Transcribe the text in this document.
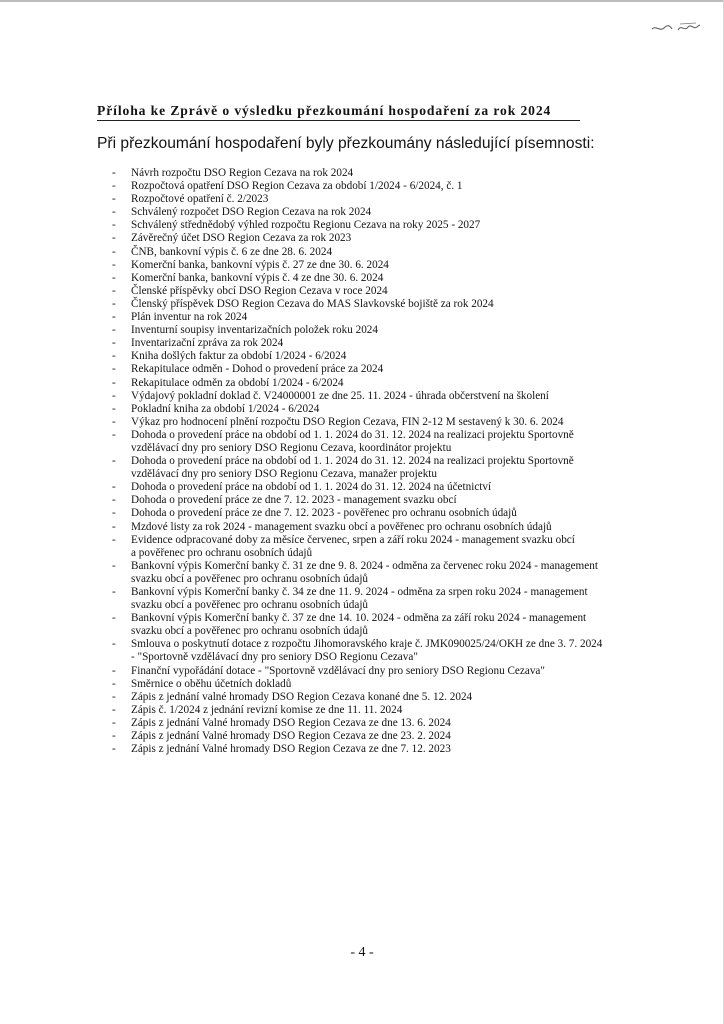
Příloha ke Zprávě o výsledku přezkoumání hospodaření za rok 2024

Při přezkoumání hospodaření byly přezkoumány následující písemnosti:

- Návrh rozpočtu DSO Region Cezava na rok 2024
- Rozpočtová opatření DSO Region Cezava za období 1/2024 - 6/2024, č. 1
- Rozpočtové opatření č. 2/2023
- Schválený rozpočet DSO Region Cezava na rok 2024
- Schválený střednědobý výhled rozpočtu Regionu Cezava na roky 2025 - 2027
- Závěrečný účet DSO Region Cezava za rok 2023
- ČNB, bankovní výpis č. 6 ze dne 28. 6. 2024
- Komerční banka, bankovní výpis č. 27 ze dne 30. 6. 2024
- Komerční banka, bankovní výpis č. 4 ze dne 30. 6. 2024
- Členské příspěvky obcí DSO Region Cezava v roce 2024
- Členský příspěvek DSO Region Cezava do MAS Slavkovské bojiště za rok 2024
- Plán inventur na rok 2024
- Inventurní soupisy inventarizačních položek roku 2024
- Inventarizační zpráva za rok 2024
- Kniha došlých faktur za období 1/2024 - 6/2024
- Rekapitulace odměn - Dohod o provedení práce za 2024
- Rekapitulace odměn za období 1/2024 - 6/2024
- Výdajový pokladní doklad č. V24000001 ze dne 25. 11. 2024 - úhrada občerstvení na školení
- Pokladní kniha za období 1/2024 - 6/2024
- Výkaz pro hodnocení plnění rozpočtu DSO Region Cezava, FIN 2-12 M sestavený k 30. 6. 2024
- Dohoda o provedení práce na období od 1. 1. 2024 do 31. 12. 2024 na realizaci projektu Sportovně
vzdělávací dny pro seniory DSO Regionu Cezava, koordinátor projektu
- Dohoda o provedení práce na období od 1. 1. 2024 do 31. 12. 2024 na realizaci projektu Sportovně
vzdělávací dny pro seniory DSO Regionu Cezava, manažer projektu
- Dohoda o provedení práce na období od 1. 1. 2024 do 31. 12. 2024 na účetnictví
- Dohoda o provedení práce ze dne 7. 12. 2023 - management svazku obcí
- Dohoda o provedení práce ze dne 7. 12. 2023 - pověřenec pro ochranu osobních údajů
- Mzdové listy za rok 2024 - management svazku obcí a pověřenec pro ochranu osobních údajů
- Evidence odpracované doby za měsíce červenec, srpen a září roku 2024 - management svazku obcí
a pověřenec pro ochranu osobních údajů
- Bankovní výpis Komerční banky č. 31 ze dne 9. 8. 2024 - odměna za červenec roku 2024 - management
svazku obcí a pověřenec pro ochranu osobních údajů
- Bankovní výpis Komerční banky č. 34 ze dne 11. 9. 2024 - odměna za srpen roku 2024 - management
svazku obcí a pověřenec pro ochranu osobních údajů
- Bankovní výpis Komerční banky č. 37 ze dne 14. 10. 2024 - odměna za září roku 2024 - management
svazku obcí a pověřenec pro ochranu osobních údajů
- Smlouva o poskytnutí dotace z rozpočtu Jihomoravského kraje č. JMK090025/24/OKH ze dne 3. 7. 2024
- "Sportovně vzdělávací dny pro seniory DSO Regionu Cezava"
- Finanční vypořádání dotace - "Sportovně vzdělávací dny pro seniory DSO Regionu Cezava"
- Směrnice o oběhu účetních dokladů
- Zápis z jednání valné hromady DSO Region Cezava konané dne 5. 12. 2024
- Zápis č. 1/2024 z jednání revizní komise ze dne 11. 11. 2024
- Zápis z jednání Valné hromady DSO Region Cezava ze dne 13. 6. 2024
- Zápis z jednání Valné hromady DSO Region Cezava ze dne 23. 2. 2024
- Zápis z jednání Valné hromady DSO Region Cezava ze dne 7. 12. 2023

- 4 -
